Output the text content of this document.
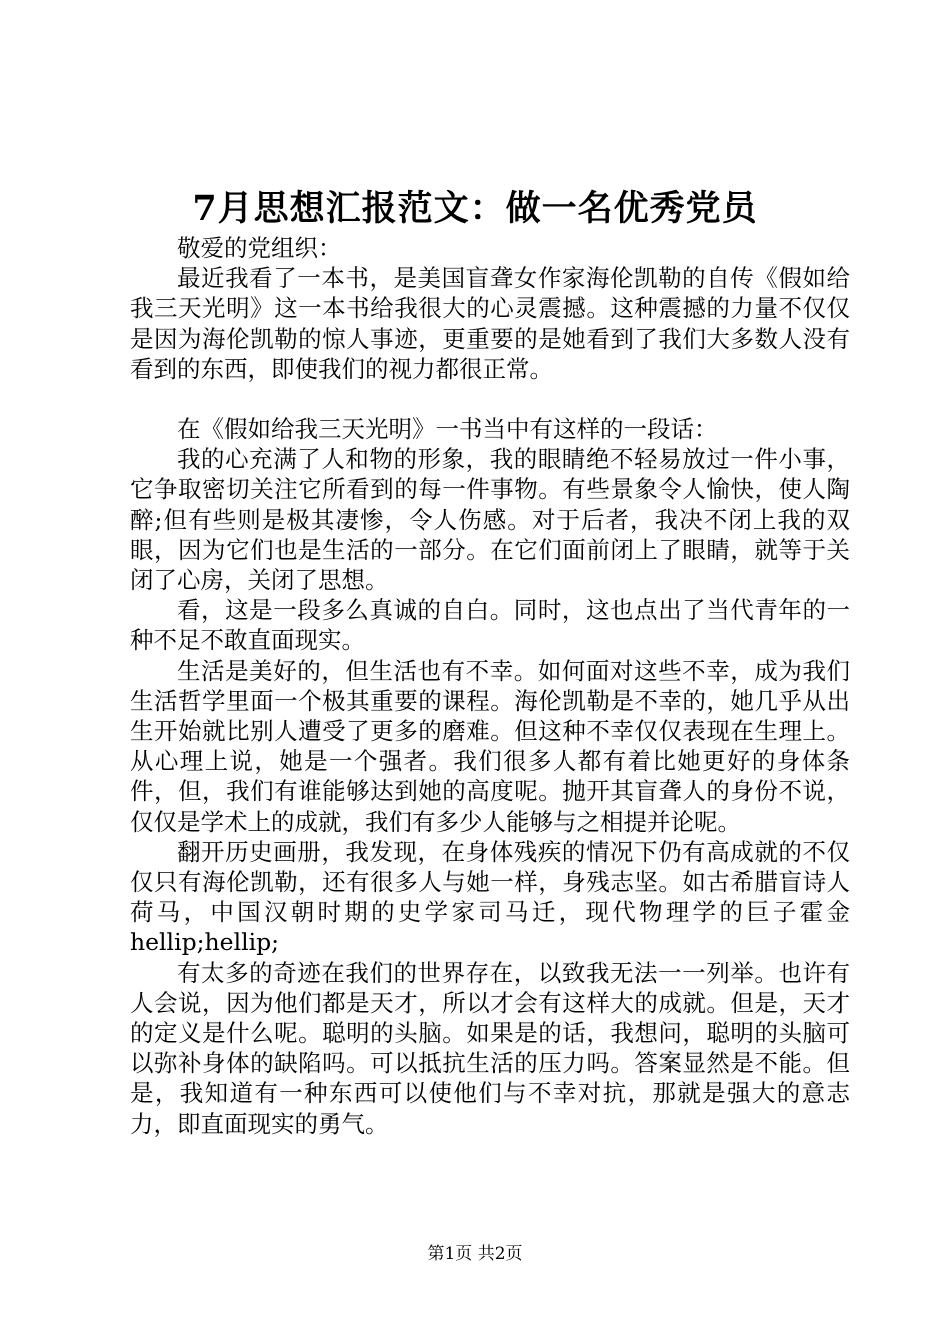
7月思想汇报范文：做一名优秀党员

敬爱的党组织：

最近我看了一本书，是美国盲聋女作家海伦凯勒的自传《假如给我三天光明》这一本书给我很大的心灵震撼。这种震撼的力量不仅仅是因为海伦凯勒的惊人事迹，更重要的是她看到了我们大多数人没有看到的东西，即使我们的视力都很正常。

在《假如给我三天光明》一书当中有这样的一段话：

我的心充满了人和物的形象，我的眼睛绝不轻易放过一件小事，它争取密切关注它所看到的每一件事物。有些景象令人愉快，使人陶醉;但有些则是极其凄惨，令人伤感。对于后者，我决不闭上我的双眼，因为它们也是生活的一部分。在它们面前闭上了眼睛，就等于关闭了心房，关闭了思想。

看，这是一段多么真诚的自白。同时，这也点出了当代青年的一种不足不敢直面现实。

生活是美好的，但生活也有不幸。如何面对这些不幸，成为我们生活哲学里面一个极其重要的课程。海伦凯勒是不幸的，她几乎从出生开始就比别人遭受了更多的磨难。但这种不幸仅仅表现在生理上。从心理上说，她是一个强者。我们很多人都有着比她更好的身体条件，但，我们有谁能够达到她的高度呢。抛开其盲聋人的身份不说，仅仅是学术上的成就，我们有多少人能够与之相提并论呢。

翻开历史画册，我发现，在身体残疾的情况下仍有高成就的不仅仅只有海伦凯勒，还有很多人与她一样，身残志坚。如古希腊盲诗人荷马，中国汉朝时期的史学家司马迁，现代物理学的巨子霍金hellip;hellip;

有太多的奇迹在我们的世界存在，以致我无法一一列举。也许有人会说，因为他们都是天才，所以才会有这样大的成就。但是，天才的定义是什么呢。聪明的头脑。如果是的话，我想问，聪明的头脑可以弥补身体的缺陷吗。可以抵抗生活的压力吗。答案显然是不能。但是，我知道有一种东西可以使他们与不幸对抗，那就是强大的意志力，即直面现实的勇气。

第1页 共2页
